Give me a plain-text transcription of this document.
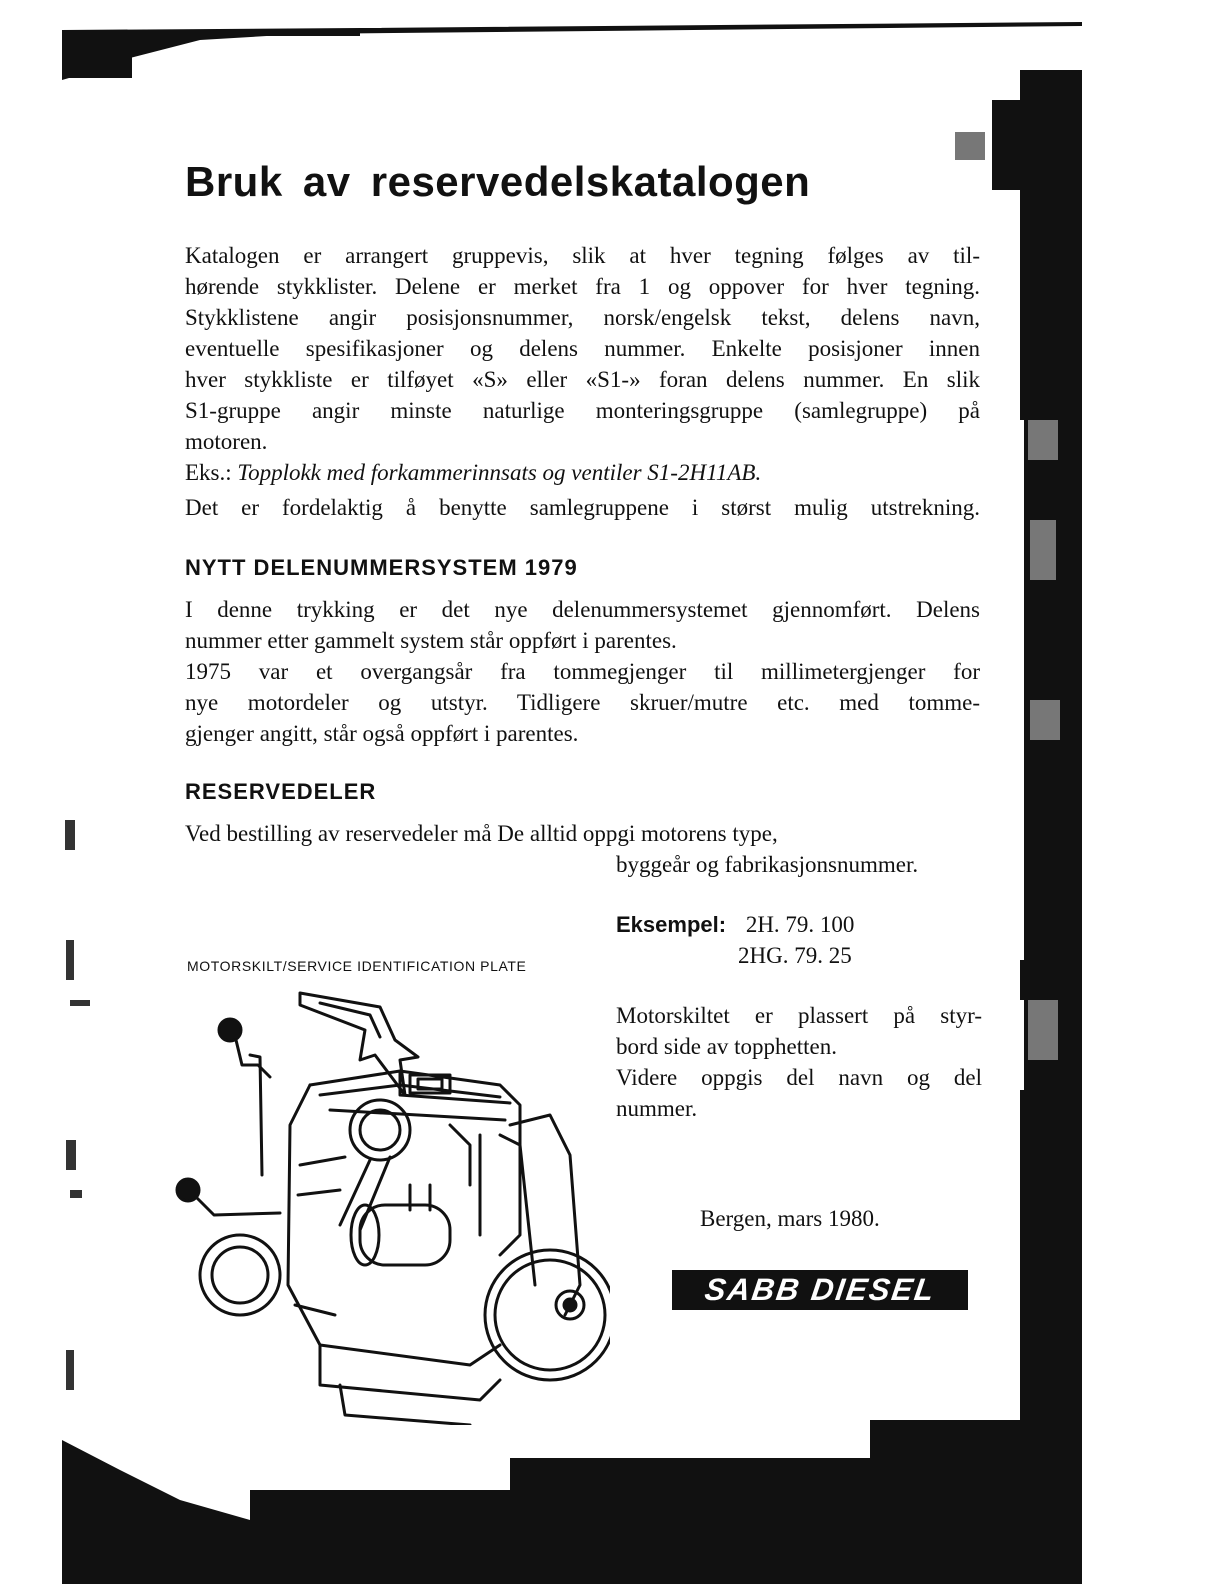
Bruk av reservedelskatalogen
Katalogen er arrangert gruppevis, slik at hver tegning følges av til-
hørende stykklister. Delene er merket fra 1 og oppover for hver tegning.
Stykklistene angir posisjonsnummer, norsk/engelsk tekst, delens navn,
eventuelle spesifikasjoner og delens nummer. Enkelte posisjoner innen
hver stykkliste er tilføyet «S» eller «S1-» foran delens nummer. En slik
S1-gruppe angir minste naturlige monteringsgruppe (samlegruppe) på
motoren.
Eks.: Topplokk med forkammerinnsats og ventiler S1-2H11AB.
Det er fordelaktig å benytte samlegruppene i størst mulig utstrekning.
NYTT DELENUMMERSYSTEM 1979
I denne trykking er det nye delenummersystemet gjennomført. Delens
nummer etter gammelt system står oppført i parentes.
1975 var et overgangsår fra tommegjenger til millimetergjenger for
nye motordeler og utstyr. Tidligere skruer/mutre etc. med tomme-
gjenger angitt, står også oppført i parentes.
RESERVEDELER
Ved bestilling av reservedeler må De alltid oppgi motorens type,
byggeår og fabrikasjonsnummer.
Eksempel: 2H. 79. 100
2HG. 79. 25
Motorskiltet er plassert på styr-
bord side av topphetten.
Videre oppgis del navn og del
nummer.
MOTORSKILT/SERVICE IDENTIFICATION PLATE
Bergen, mars 1980.
SABB DIESEL
